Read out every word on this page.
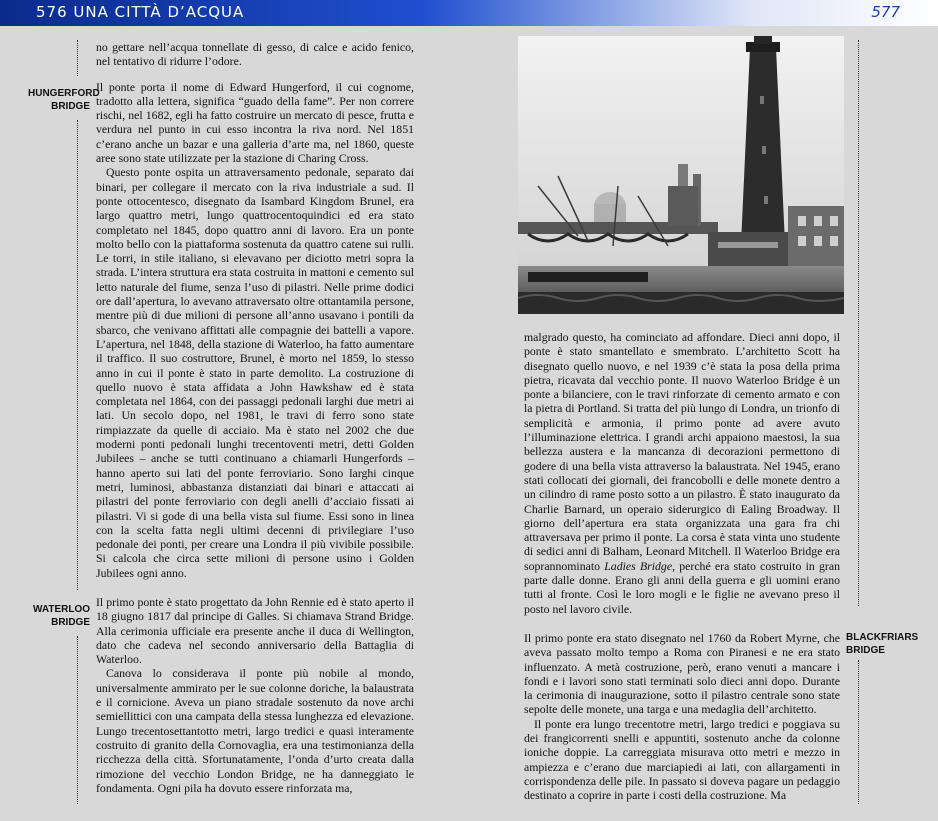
576 UNA CITTÀ D’ACQUA	577
HUNGERFORD
BRIDGE
WATERLOO
BRIDGE

no gettare nell’acqua tonnellate di gesso, di calce e acido fenico, nel tentativo di ridurre l’odore.

Il ponte porta il nome di Edward Hungerford, il cui cognome, tradotto alla lettera, significa “guado della fame”. Per non correre rischi, nel 1682, egli ha fatto costruire un mercato di pesce, frutta e verdura nel punto in cui esso incontra la riva nord. Nel 1851 c’erano anche un bazar e una galleria d’arte ma, nel 1860, queste aree sono state utilizzate per la stazione di Charing Cross.

Questo ponte ospita un attraversamento pedonale, separato dai binari, per collegare il mercato con la riva industriale a sud. Il ponte ottocentesco, disegnato da Isambard Kingdom Brunel, era largo quattro metri, lungo quattrocentoquindici ed era stato completato nel 1845, dopo quattro anni di lavoro. Era un ponte molto bello con la piattaforma sostenuta da quattro catene sui rulli. Le torri, in stile italiano, si elevavano per diciotto metri sopra la strada. L’intera struttura era stata costruita in mattoni e cemento sul letto naturale del fiume, senza l’uso di pilastri. Nelle prime dodici ore dall’apertura, lo avevano attraversato oltre ottantamila persone, mentre più di due milioni di persone all’anno usavano i pontili da sbarco, che venivano affittati alle compagnie dei battelli a vapore. L’apertura, nel 1848, della stazione di Waterloo, ha fatto aumentare il traffico. Il suo costruttore, Brunel, è morto nel 1859, lo stesso anno in cui il ponte è stato in parte demolito. La costruzione di quello nuovo è stata affidata a John Hawkshaw ed è stata completata nel 1864, con dei passaggi pedonali larghi due metri ai lati. Un secolo dopo, nel 1981, le travi di ferro sono state rimpiazzate da quelle di acciaio. Ma è stato nel 2002 che due moderni ponti pedonali lunghi trecentoventi metri, detti Golden Jubilees – anche se tutti continuano a chiamarli Hungerfords – hanno aperto sui lati del ponte ferroviario. Sono larghi cinque metri, luminosi, abbastanza distanziati dai binari e attaccati ai pilastri del ponte ferroviario con degli anelli d’acciaio fissati ai pilastri. Vi si gode di una bella vista sul fiume. Essi sono in linea con la scelta fatta negli ultimi decenni di privilegiare l’uso pedonale dei ponti, per creare una Londra il più vivibile possibile. Si calcola che circa sette milioni di persone usino i Golden Jubilees ogni anno.

Il primo ponte è stato progettato da John Rennie ed è stato aperto il 18 giugno 1817 dal principe di Galles. Si chiamava Strand Bridge. Alla cerimonia ufficiale era presente anche il duca di Wellington, dato che cadeva nel secondo anniversario della Battaglia di Waterloo.

Canova lo considerava il ponte più nobile al mondo, universalmente ammirato per le sue colonne doriche, la balaustrata e il cornicione. Aveva un piano stradale sostenuto da nove archi semiellittici con una campata della stessa lunghezza ed elevazione. Lungo trecentosettantotto metri, largo tredici e quasi interamente costruito di granito della Cornovaglia, era una testimonianza della ricchezza della città. Sfortunatamente, l’onda d’urto creata dalla rimozione del vecchio London Bridge, ne ha danneggiato le fondamenta. Ogni pila ha dovuto essere rinforzata ma,

malgrado questo, ha cominciato ad affondare. Dieci anni dopo, il ponte è stato smantellato e smembrato. L’architetto Scott ha disegnato quello nuovo, e nel 1939 c’è stata la posa della prima pietra, ricavata dal vecchio ponte. Il nuovo Waterloo Bridge è un ponte a bilanciere, con le travi rinforzate di cemento armato e con la pietra di Portland. Si tratta del più lungo di Londra, un trionfo di semplicità e armonia, il primo ponte ad avere avuto l’illuminazione elettrica. I grandi archi appaiono maestosi, la sua bellezza austera e la mancanza di decorazioni permettono di godere di una bella vista attraverso la balaustrata. Nel 1945, erano stati collocati dei giornali, dei francobolli e delle monete dentro a un cilindro di rame posto sotto a un pilastro. È stato inaugurato da Charlie Barnard, un operaio siderurgico di Ealing Broadway. Il giorno dell’apertura era stata organizzata una gara fra chi attraversava per primo il ponte. La corsa è stata vinta uno studente di sedici anni di Balham, Leonard Mitchell. Il Waterloo Bridge era soprannominato Ladies Bridge, perché era stato costruito in gran parte dalle donne. Erano gli anni della guerra e gli uomini erano tutti al fronte. Così le loro mogli e le figlie ne avevano preso il posto nel lavoro civile.

Il primo ponte era stato disegnato nel 1760 da Robert Myrne, che aveva passato molto tempo a Roma con Piranesi e ne era stato influenzato. A metà costruzione, però, erano venuti a mancare i fondi e i lavori sono stati terminati solo dieci anni dopo. Durante la cerimonia di inaugurazione, sotto il pilastro centrale sono state sepolte delle monete, una targa e una medaglia dell’architetto.

Il ponte era lungo trecentotre metri, largo tredici e poggiava su dei frangicorrenti snelli e appuntiti, sostenuto anche da colonne ioniche doppie. La carreggiata misurava otto metri e mezzo in ampiezza e c’erano due marciapiedi ai lati, con allargamenti in corrispondenza delle pile. In passato si doveva pagare un pedaggio destinato a coprire in parte i costi della costruzione. Ma

BLACKFRIARS
BRIDGE
